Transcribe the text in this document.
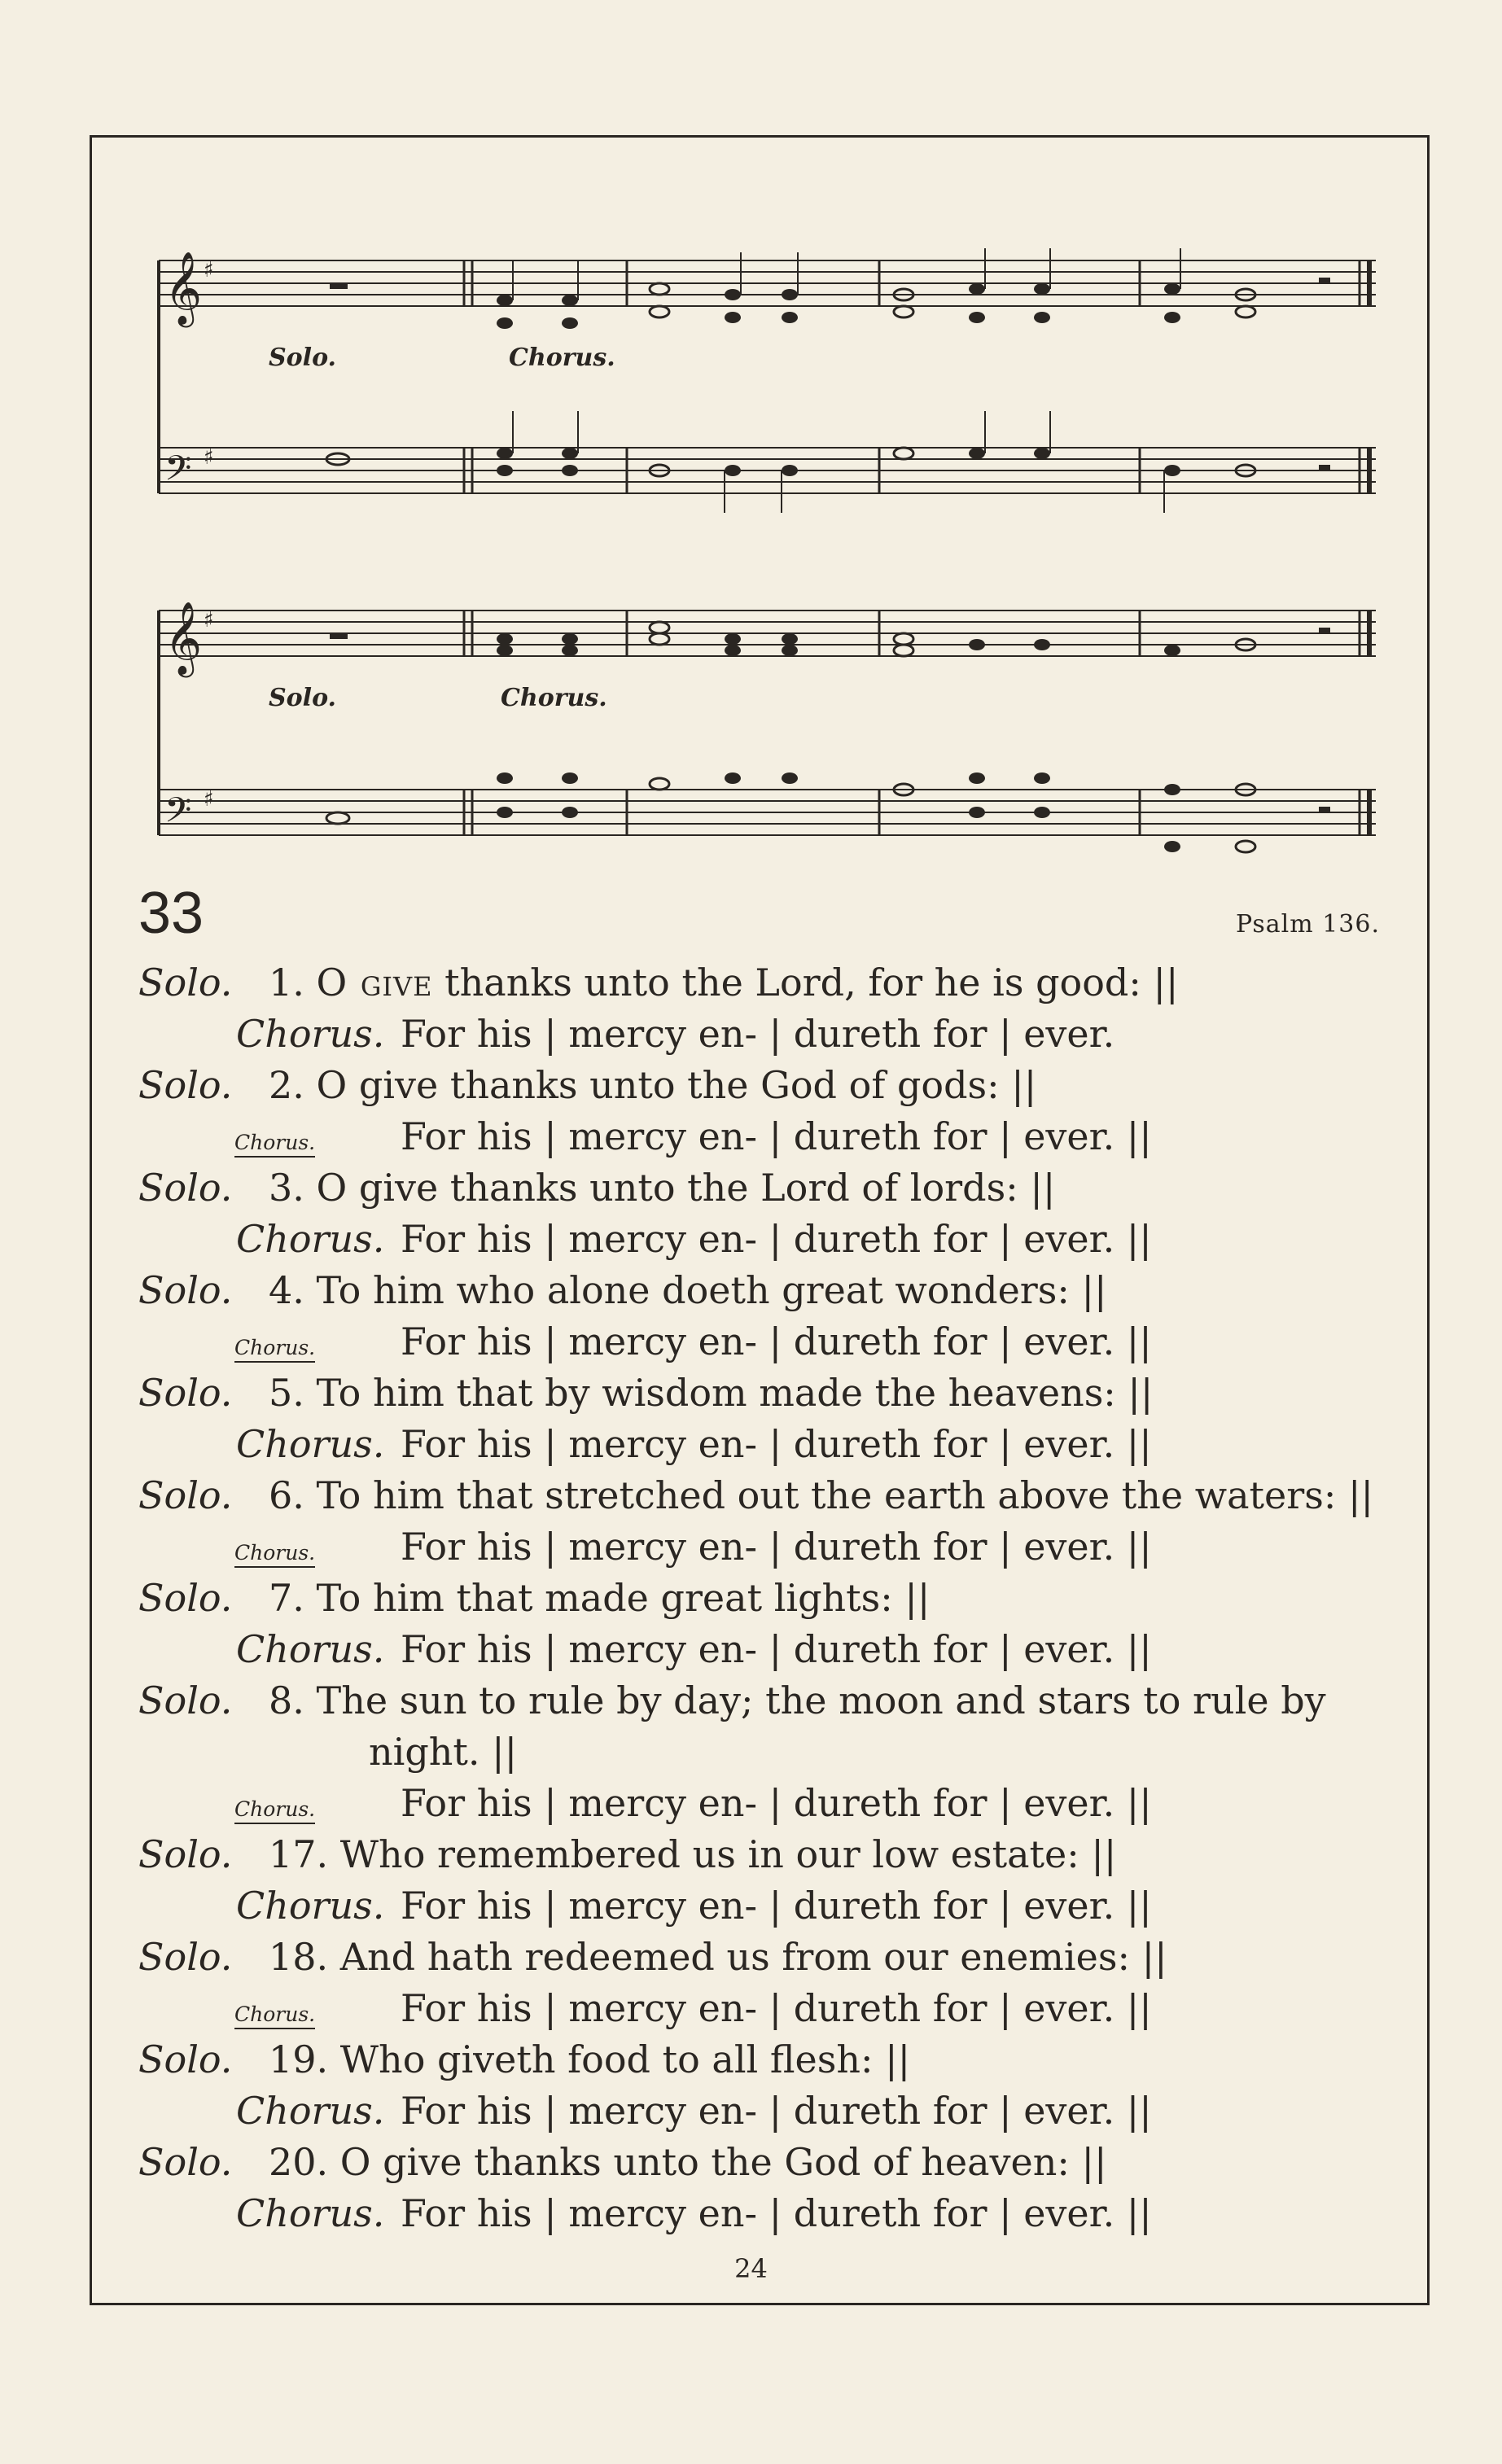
𝄞
𝄢
𝄞
𝄢
♯
♯
♯
♯
Solo.	Chorus.
Solo.	Chorus.
33	Psalm 136.
Solo. 1. O give thanks unto the Lord, for he is good: ||
Chorus. For his | mercy en- | dureth for | ever.
Solo. 2. O give thanks unto the God of gods: ||
Chorus. For his | mercy en- | dureth for | ever. ||
Solo. 3. O give thanks unto the Lord of lords: ||
Chorus. For his | mercy en- | dureth for | ever. ||
Solo. 4. To him who alone doeth great wonders: ||
Chorus. For his | mercy en- | dureth for | ever. ||
Solo. 5. To him that by wisdom made the heavens: ||
Chorus. For his | mercy en- | dureth for | ever. ||
Solo. 6. To him that stretched out the earth above the waters: ||
Chorus. For his | mercy en- | dureth for | ever. ||
Solo. 7. To him that made great lights: ||
Chorus. For his | mercy en- | dureth for | ever. ||
Solo. 8. The sun to rule by day; the moon and stars to rule by
night. ||
Chorus. For his | mercy en- | dureth for | ever. ||
Solo. 17. Who remembered us in our low estate: ||
Chorus. For his | mercy en- | dureth for | ever. ||
Solo. 18. And hath redeemed us from our enemies: ||
Chorus. For his | mercy en- | dureth for | ever. ||
Solo. 19. Who giveth food to all flesh: ||
Chorus. For his | mercy en- | dureth for | ever. ||
Solo. 20. O give thanks unto the God of heaven: ||
Chorus. For his | mercy en- | dureth for | ever. ||
24
